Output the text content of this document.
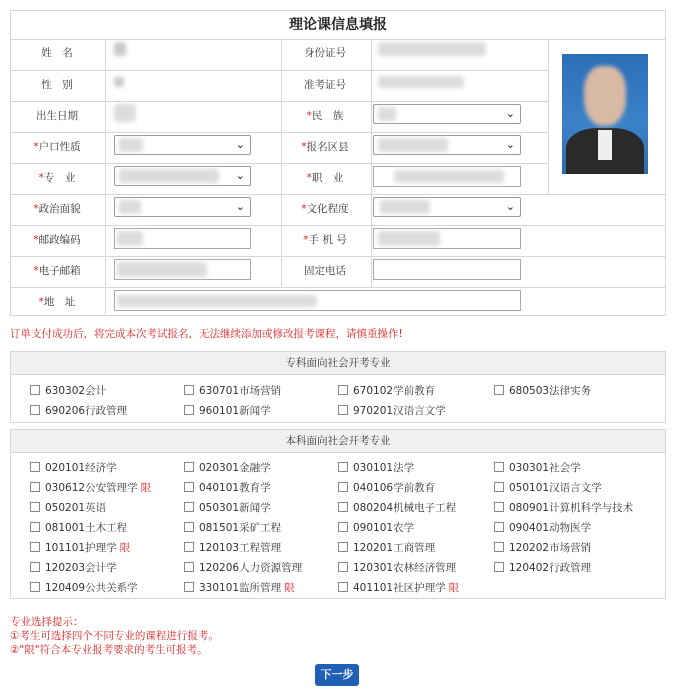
理论课信息填报
姓　名	身份证号
性　别	准考证号
出生日期	*民　族
*户口性质	*报名区县
*专　业	*职　业
*政治面貌	*文化程度
*邮政编码	*手 机 号
*电子邮箱	固定电话
*地　址
⌄
⌄
⌄
⌄
⌄	⌄
订单支付成功后，将完成本次考试报名，无法继续添加或修改报考课程，请慎重操作!
专科面向社会开考专业
本科面向社会开考专业
专业选择提示：
①考生可选择四个不同专业的课程进行报考。
②"限"符合本专业报考要求的考生可报考。
下一步
630302会计	630701市场营销	670102学前教育	680503法律实务
690206行政管理	960101新闻学	970201汉语言文学
020101经济学	020301金融学	030101法学	030301社会学
030612公安管理学 限	040101教育学	040106学前教育	050101汉语言文学
050201英语	050301新闻学	080204机械电子工程	080901计算机科学与技术
081001土木工程	081501采矿工程	090101农学	090401动物医学
101101护理学 限	120103工程管理	120201工商管理	120202市场营销
120203会计学	120206人力资源管理	120301农林经济管理	120402行政管理
120409公共关系学	330101监所管理 限	401101社区护理学 限
